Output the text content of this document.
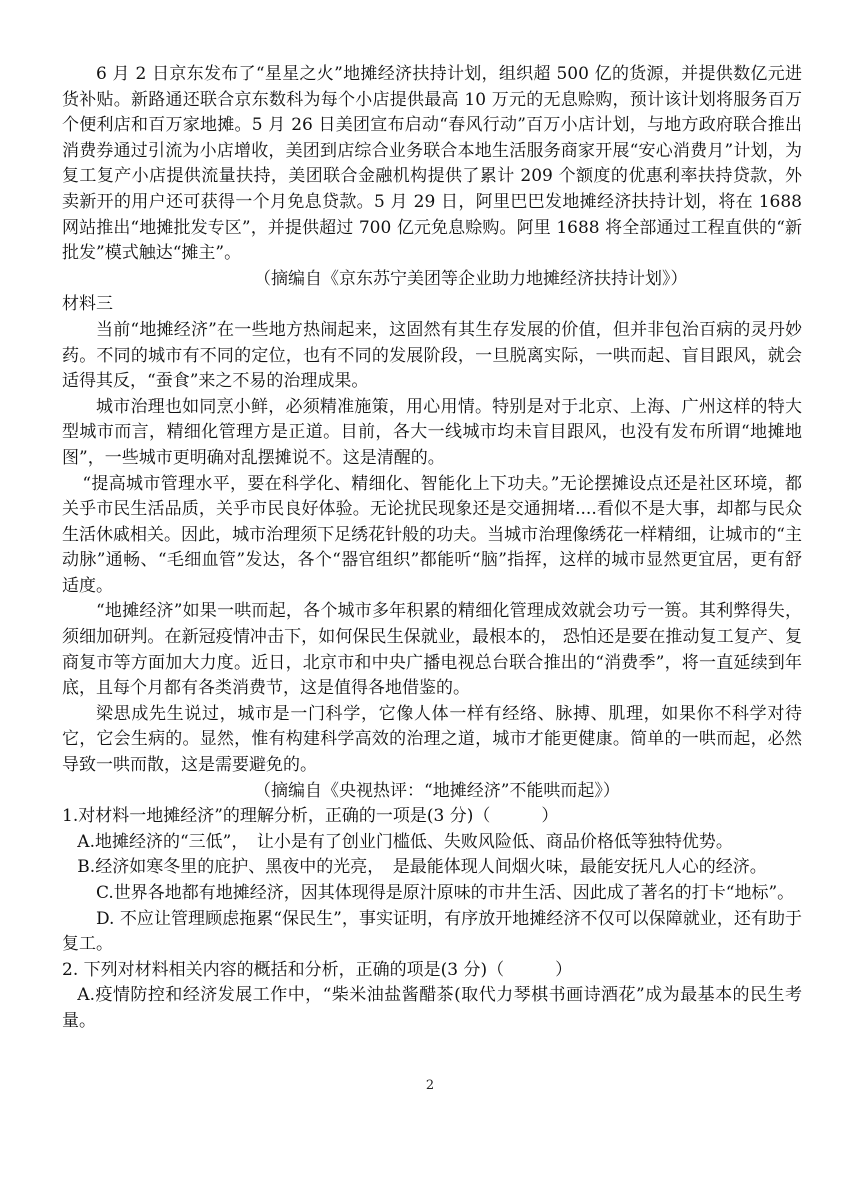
6 月 2 日京东发布了“星星之火”地摊经济扶持计划，组织超 500 亿的货源，并提供数亿元进货补贴。新路通还联合京东数科为每个小店提供最高 10 万元的无息赊购，预计该计划将服务百万个便利店和百万家地摊。5 月 26 日美团宣布启动“春风行动”百万小店计划，与地方政府联合推出消费券通过引流为小店增收，美团到店综合业务联合本地生活服务商家开展“安心消费月”计划，为复工复产小店提供流量扶持，美团联合金融机构提供了累计 209 个额度的优惠利率扶持贷款，外卖新开的用户还可获得一个月免息贷款。5 月 29 日，阿里巴巴发地摊经济扶持计划，将在 1688 网站推出“地摊批发专区”，并提供超过 700 亿元免息赊购。阿里 1688 将全部通过工程直供的“新批发”模式触达“摊主”。

（摘编自《京东苏宁美团等企业助力地摊经济扶持计划》）

材料三

当前“地摊经济”在一些地方热闹起来，这固然有其生存发展的价值，但并非包治百病的灵丹妙药。不同的城市有不同的定位，也有不同的发展阶段，一旦脱离实际，一哄而起、盲目跟风，就会适得其反，“蚕食”来之不易的治理成果。

城市治理也如同烹小鲜，必须精准施策，用心用情。特别是对于北京、上海、广州这样的特大型城市而言，精细化管理方是正道。目前，各大一线城市均未盲目跟风，也没有发布所谓“地摊地图”，一些城市更明确对乱摆摊说不。这是清醒的。

“提高城市管理水平，要在科学化、精细化、智能化上下功夫。”无论摆摊设点还是社区环境，都关乎市民生活品质，关乎市民良好体验。无论扰民现象还是交通拥堵....看似不是大事，却都与民众生活休戚相关。因此，城市治理须下足绣花针般的功夫。当城市治理像绣花一样精细，让城市的“主动脉”通畅、“毛细血管”发达，各个“器官组织”都能听“脑”指挥，这样的城市显然更宜居，更有舒适度。

“地摊经济”如果一哄而起，各个城市多年积累的精细化管理成效就会功亏一篑。其利弊得失，须细加研判。在新冠疫情冲击下，如何保民生保就业，最根本的， 恐怕还是要在推动复工复产、复商复市等方面加大力度。近日，北京市和中央广播电视总台联合推出的“消费季”，将一直延续到年底，且每个月都有各类消费节，这是值得各地借鉴的。

梁思成先生说过，城市是一门科学，它像人体一样有经络、脉搏、肌理，如果你不科学对待它，它会生病的。显然，惟有构建科学高效的治理之道，城市才能更健康。简单的一哄而起，必然导致一哄而散，这是需要避免的。

（摘编自《央视热评：“地摊经济”不能哄而起》）

1.对材料一地摊经济”的理解分析，正确的一项是(3 分)（　　　）

A.地摊经济的“三低”，　让小是有了创业门槛低、失败风险低、商品价格低等独特优势。

B.经济如寒冬里的庇护、黑夜中的光亮，　是最能体现人间烟火味，最能安抚凡人心的经济。

C.世界各地都有地摊经济，因其体现得是原汁原味的市井生活、因此成了著名的打卡“地标”。

D. 不应让管理顾虑拖累“保民生”，事实证明，有序放开地摊经济不仅可以保障就业，还有助于复工。

2. 下列对材料相关内容的概括和分析，正确的项是(3 分)（　　　）

A.疫情防控和经济发展工作中，“柴米油盐酱醋茶(取代力琴棋书画诗酒花”成为最基本的民生考量。

2
